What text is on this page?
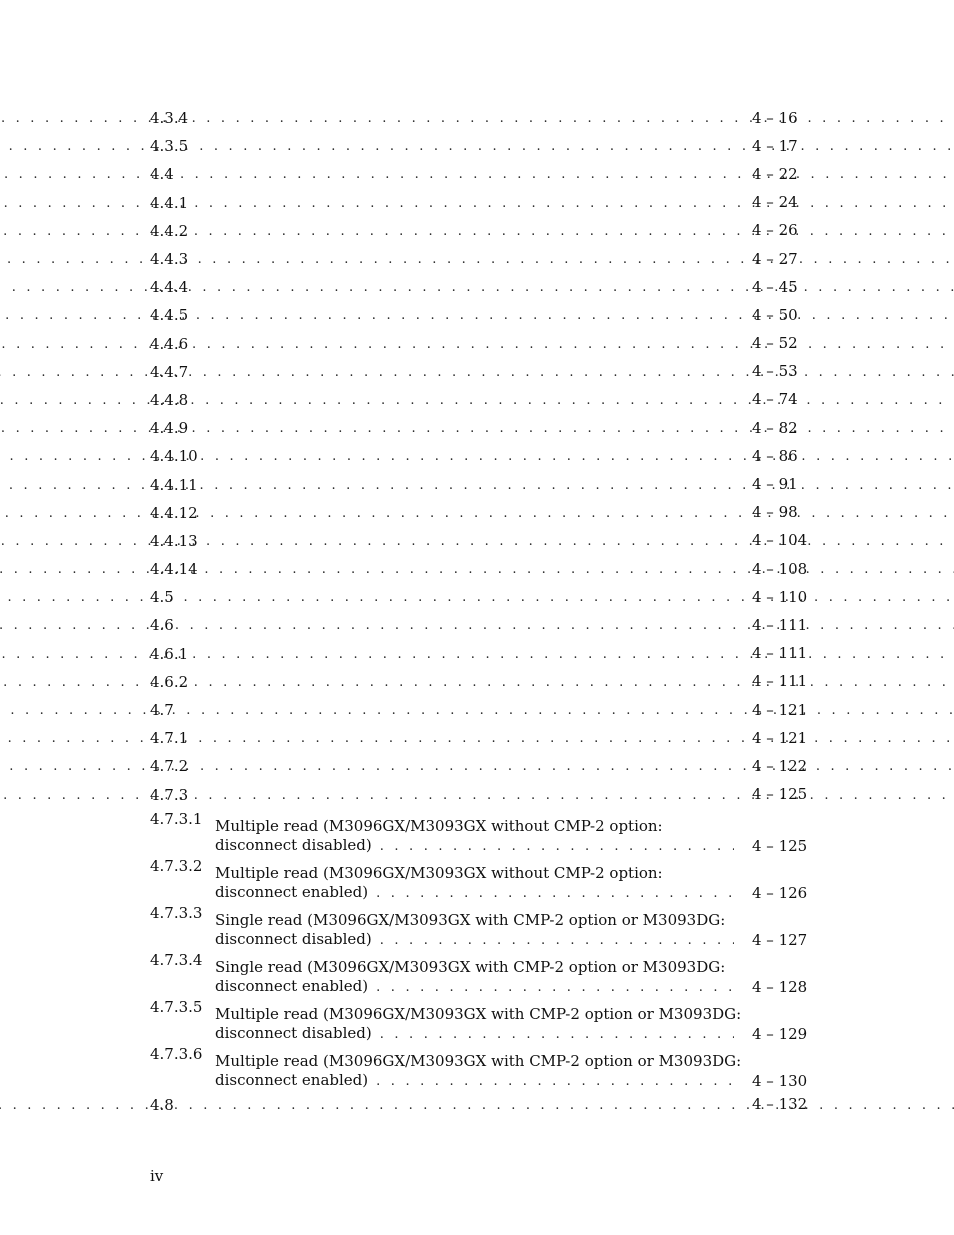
4.3.4 . . .	4 – 16
4.3.5 . . .	4 – 17
4.4 . . .	4 – 22
4.4.1 . . .	4 – 24
4.4.2 . . .	4 – 26
4.4.3 . . .	4 – 27
4.4.4 . . .	4 – 45
4.4.5 . . .	4 – 50
4.4.6 . . .	4 – 52
4.4.7 . . .	4 – 53
4.4.8 . . .	4 – 74
4.4.9 . . .	4 – 82
4.4.10 . . .	4 – 86
4.4.11 . . .	4 – 91
4.4.12 . . .	4 – 98
4.4.13 . . .	4 – 104
4.4.14 . . .	4 – 108
4.5 . . .	4 – 110
4.6 . . .	4 – 111
4.6.1 . . .	4 – 111
4.6.2 . . .	4 – 111
4.7 . . .	4 – 121
4.7.1 . . .	4 – 121
4.7.2 . . .	4 – 122
4.7.3 . . .	4 – 125
4.7.3.1 Multiple read (M3096GX/M3093GX without CMP-2 option:
disconnect disabled) . . .	4 – 125
4.7.3.2 Multiple read (M3096GX/M3093GX without CMP-2 option:
disconnect enabled) . . .	4 – 126
4.7.3.3 Single read (M3096GX/M3093GX with CMP-2 option or M3093DG:
disconnect disabled) . . .	4 – 127
4.7.3.4 Single read (M3096GX/M3093GX with CMP-2 option or M3093DG:
disconnect enabled) . . .	4 – 128
4.7.3.5 Multiple read (M3096GX/M3093GX with CMP-2 option or M3093DG:
disconnect disabled) . . .	4 – 129
4.7.3.6 Multiple read (M3096GX/M3093GX with CMP-2 option or M3093DG:
disconnect enabled) . . .	4 – 130
4.8 . . .	4 – 132
iv
